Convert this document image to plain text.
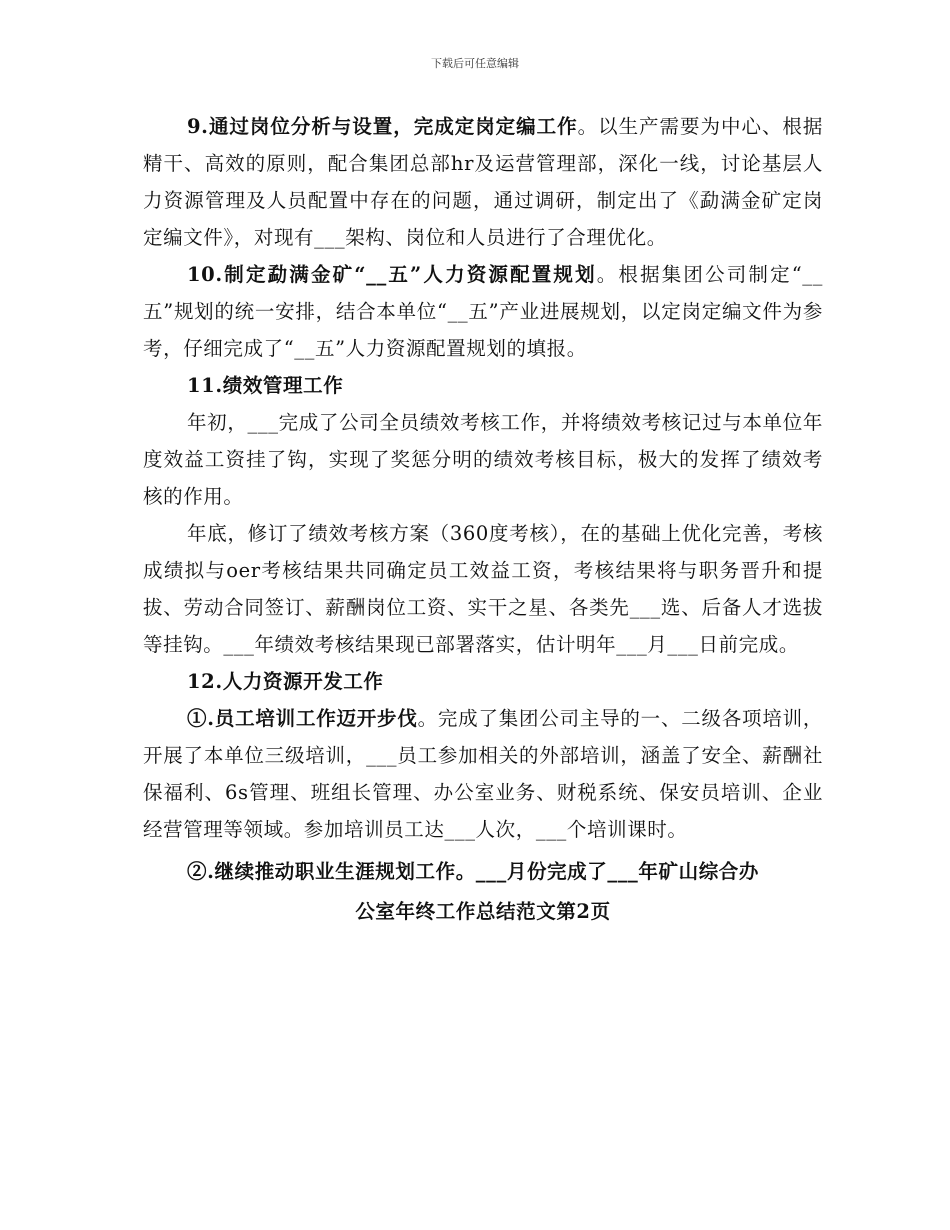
下载后可任意编辑

9.通过岗位分析与设置，完成定岗定编工作。以生产需要为中心、根据精干、高效的原则，配合集团总部hr及运营管理部，深化一线，讨论基层人力资源管理及人员配置中存在的问题，通过调研，制定出了《勐满金矿定岗定编文件》，对现有___架构、岗位和人员进行了合理优化。

10.制定勐满金矿“__五”人力资源配置规划。根据集团公司制定“__五”规划的统一安排，结合本单位“__五”产业进展规划，以定岗定编文件为参考，仔细完成了“__五”人力资源配置规划的填报。

11.绩效管理工作

年初，___完成了公司全员绩效考核工作，并将绩效考核记过与本单位年度效益工资挂了钩，实现了奖惩分明的绩效考核目标，极大的发挥了绩效考核的作用。

年底，修订了绩效考核方案（360度考核），在的基础上优化完善，考核成绩拟与oer考核结果共同确定员工效益工资，考核结果将与职务晋升和提拔、劳动合同签订、薪酬岗位工资、实干之星、各类先___选、后备人才选拔等挂钩。___年绩效考核结果现已部署落实，估计明年___月___日前完成。

12.人力资源开发工作

①.员工培训工作迈开步伐。完成了集团公司主导的一、二级各项培训，开展了本单位三级培训，___员工参加相关的外部培训，涵盖了安全、薪酬社保福利、6s管理、班组长管理、办公室业务、财税系统、保安员培训、企业经营管理等领域。参加培训员工达___人次，___个培训课时。

②.继续推动职业生涯规划工作。___月份完成了___年矿山综合办
公室年终工作总结范文第2页
